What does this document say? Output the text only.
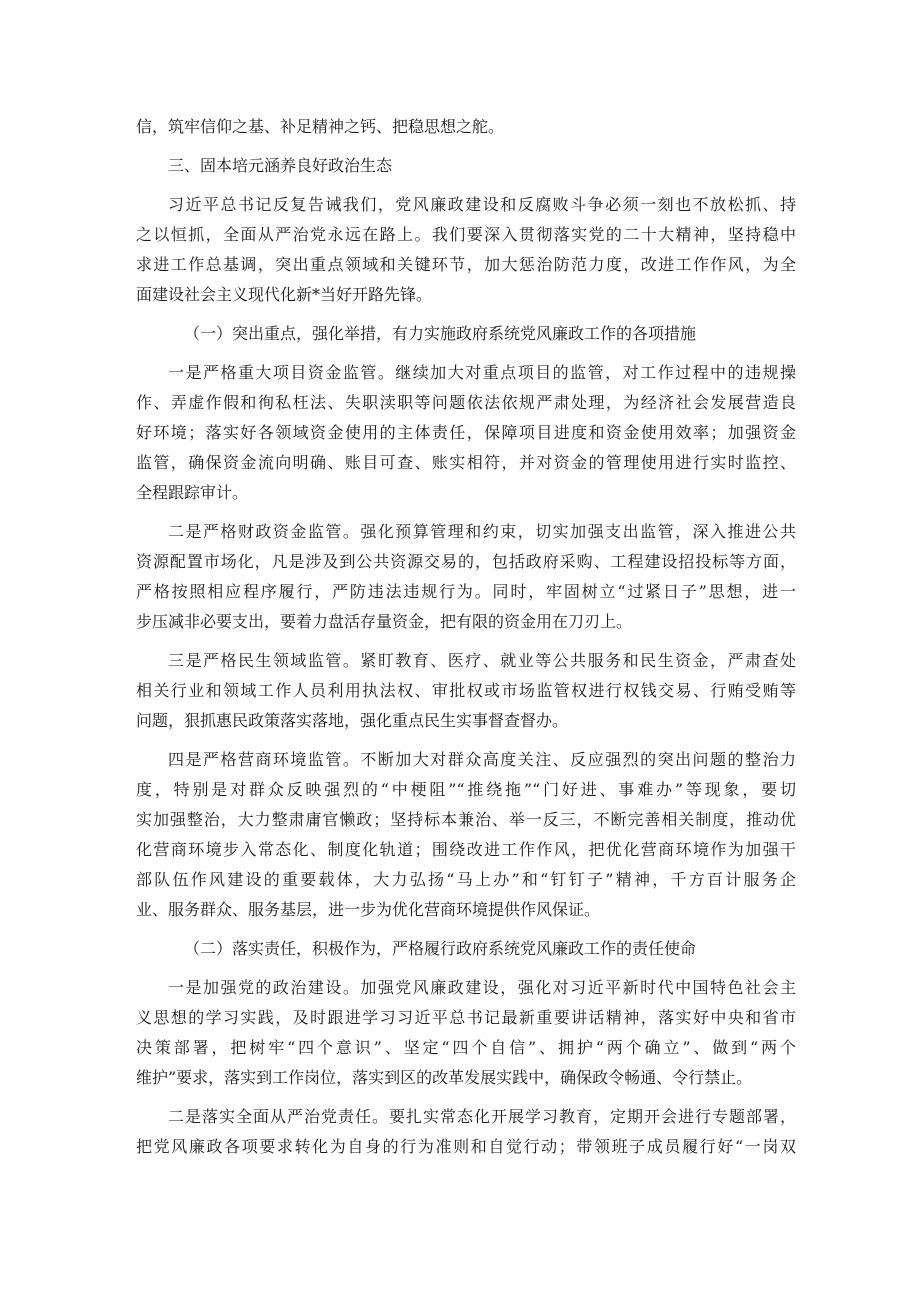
信，筑牢信仰之基、补足精神之钙、把稳思想之舵。
三、固本培元涵养良好政治生态
习近平总书记反复告诫我们，党风廉政建设和反腐败斗争必须一刻也不放松抓、持
之以恒抓，全面从严治党永远在路上。我们要深入贯彻落实党的二十大精神，坚持稳中
求进工作总基调，突出重点领域和关键环节，加大惩治防范力度，改进工作作风，为全
面建设社会主义现代化新*当好开路先锋。
（一）突出重点，强化举措，有力实施政府系统党风廉政工作的各项措施
一是严格重大项目资金监管。继续加大对重点项目的监管，对工作过程中的违规操
作、弄虚作假和徇私枉法、失职渎职等问题依法依规严肃处理，为经济社会发展营造良
好环境；落实好各领域资金使用的主体责任，保障项目进度和资金使用效率；加强资金
监管，确保资金流向明确、账目可查、账实相符，并对资金的管理使用进行实时监控、
全程跟踪审计。
二是严格财政资金监管。强化预算管理和约束，切实加强支出监管，深入推进公共
资源配置市场化，凡是涉及到公共资源交易的，包括政府采购、工程建设招投标等方面，
严格按照相应程序履行，严防违法违规行为。同时，牢固树立“过紧日子”思想，进一
步压减非必要支出，要着力盘活存量资金，把有限的资金用在刀刃上。
三是严格民生领域监管。紧盯教育、医疗、就业等公共服务和民生资金，严肃查处
相关行业和领域工作人员利用执法权、审批权或市场监管权进行权钱交易、行贿受贿等
问题，狠抓惠民政策落实落地，强化重点民生实事督查督办。
四是严格营商环境监管。不断加大对群众高度关注、反应强烈的突出问题的整治力
度，特别是对群众反映强烈的“中梗阻”“推绕拖”“门好进、事难办”等现象，要切
实加强整治，大力整肃庸官懒政；坚持标本兼治、举一反三，不断完善相关制度，推动优
化营商环境步入常态化、制度化轨道；围绕改进工作作风，把优化营商环境作为加强干
部队伍作风建设的重要载体，大力弘扬“马上办”和“钉钉子”精神，千方百计服务企
业、服务群众、服务基层，进一步为优化营商环境提供作风保证。
（二）落实责任，积极作为，严格履行政府系统党风廉政工作的责任使命
一是加强党的政治建设。加强党风廉政建设，强化对习近平新时代中国特色社会主
义思想的学习实践，及时跟进学习习近平总书记最新重要讲话精神，落实好中央和省市
决策部署，把树牢“四个意识”、坚定“四个自信”、拥护“两个确立”、做到“两个
维护”要求，落实到工作岗位，落实到区的改革发展实践中，确保政令畅通、令行禁止。
二是落实全面从严治党责任。要扎实常态化开展学习教育，定期开会进行专题部署，
把党风廉政各项要求转化为自身的行为准则和自觉行动；带领班子成员履行好“一岗双
